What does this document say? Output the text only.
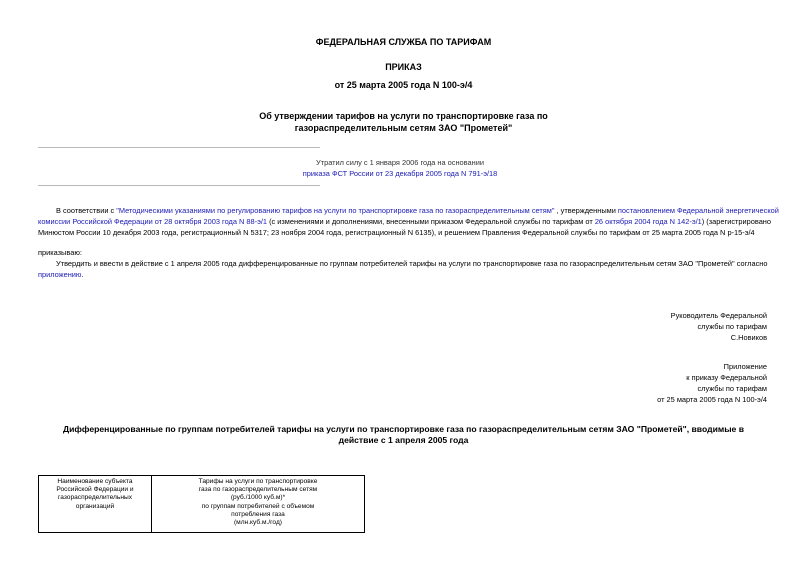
ФЕДЕРАЛЬНАЯ СЛУЖБА ПО ТАРИФАМ
ПРИКАЗ
от 25 марта 2005 года N 100-э/4
Об утверждении тарифов на услуги по транспортировке газа по
газораспределительным сетям ЗАО "Прометей"
Утратил силу с 1 января 2006 года на основании
приказа ФСТ России от 23 декабря 2005 года N 791-э/18
В соответствии с "Методическими указаниями по регулированию тарифов на услуги по транспортировке газа по газораспределительным сетям" , утвержденными постановлением Федеральной энергетической
комиссии Российской Федерации от 28 октября 2003 года N 88-э/1 (с изменениями и дополнениями, внесенными приказом Федеральной службы по тарифам от 26 октября 2004 года N 142-э/1) (зарегистрировано
Минюстом России 10 декабря 2003 года, регистрационный N 5317; 23 ноября 2004 года, регистрационный N 6135), и решением Правления Федеральной службы по тарифам от 25 марта 2005 года N р-15-э/4
приказываю:
Утвердить и ввести в действие с 1 апреля 2005 года дифференцированные по группам потребителей тарифы на услуги по транспортировке газа по газораспределительным сетям ЗАО "Прометей" согласно
приложению.
Руководитель Федеральной
службы по тарифам
С.Новиков
Приложение
к приказу Федеральной
службы по тарифам
от 25 марта 2005 года N 100-э/4
Дифференцированные по группам потребителей тарифы на услуги по транспортировке газа по газораспределительным сетям ЗАО "Прометей", вводимые в
действие с 1 апреля 2005 года
Наименование субъекта
Российской Федерации и
газораспределительных
организаций

Тарифы на услуги по транспортировке
газа по газораспределительным сетям
(руб./1000 куб.м)*
по группам потребителей с объемом
потребления газа
(млн.куб.м./год)
